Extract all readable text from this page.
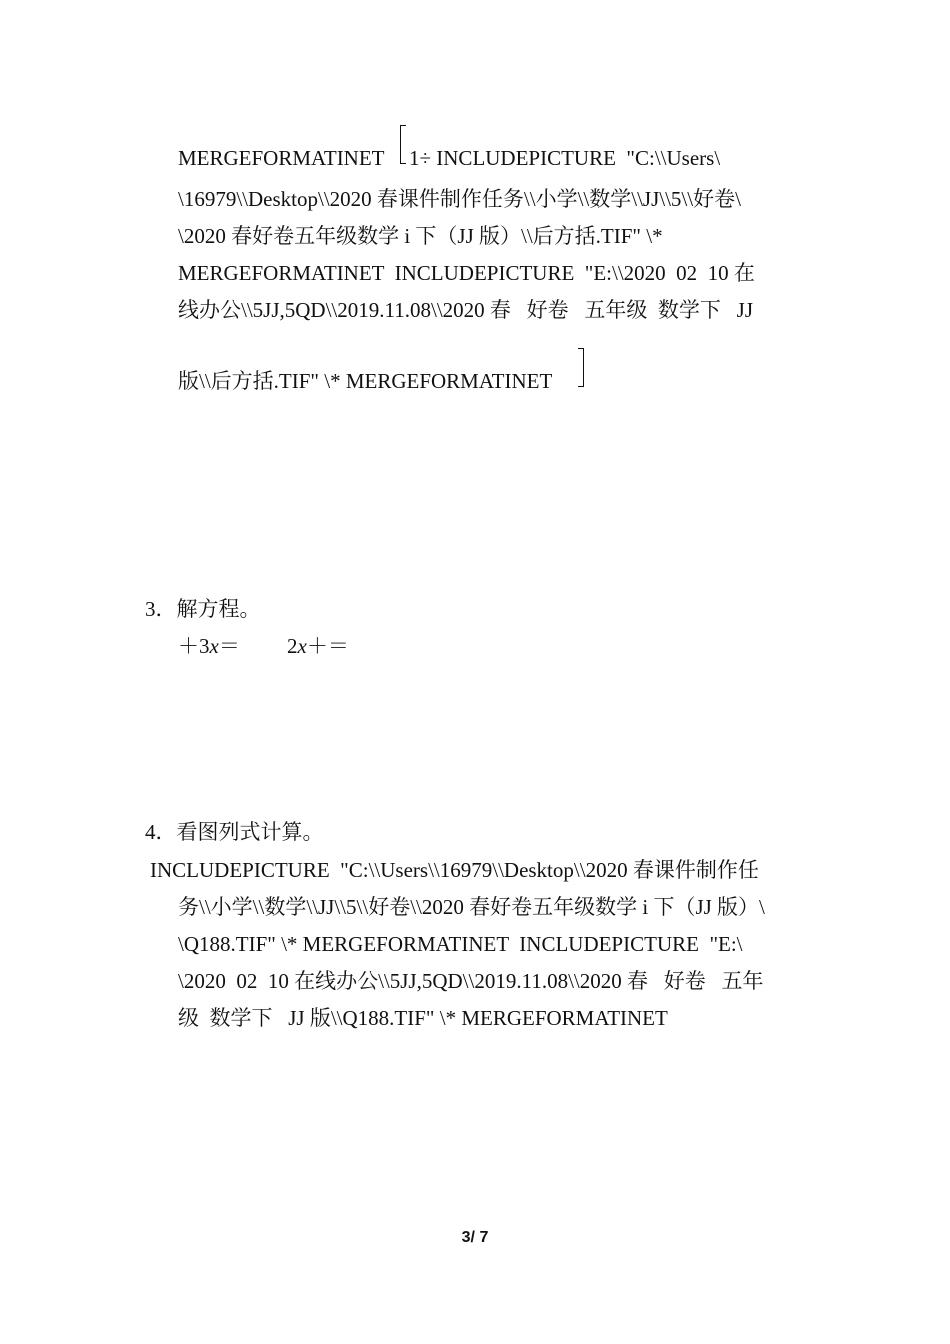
MERGEFORMATINET 1÷ INCLUDEPICTURE  "C:\\Users\
\16979\\Desktop\\2020 春课件制作任务\\小学\\数学\\JJ\\5\\好卷\
\2020 春好卷五年级数学 i 下（JJ 版）\\后方括.TIF" \*
MERGEFORMATINET  INCLUDEPICTURE  "E:\\2020  02  10 在
线办公\\5JJ,5QD\\2019.11.08\\2020 春   好卷   五年级  数学下   JJ
版\\后方括.TIF" \* MERGEFORMATINET
3．解方程。
＋3x＝ 2x＋＝
4．看图列式计算。
INCLUDEPICTURE  "C:\\Users\\16979\\Desktop\\2020 春课件制作任
务\\小学\\数学\\JJ\\5\\好卷\\2020 春好卷五年级数学 i 下（JJ 版）\
\Q188.TIF" \* MERGEFORMATINET  INCLUDEPICTURE  "E:\
\2020  02  10 在线办公\\5JJ,5QD\\2019.11.08\\2020 春   好卷   五年
级  数学下   JJ 版\\Q188.TIF" \* MERGEFORMATINET
3/ 7
